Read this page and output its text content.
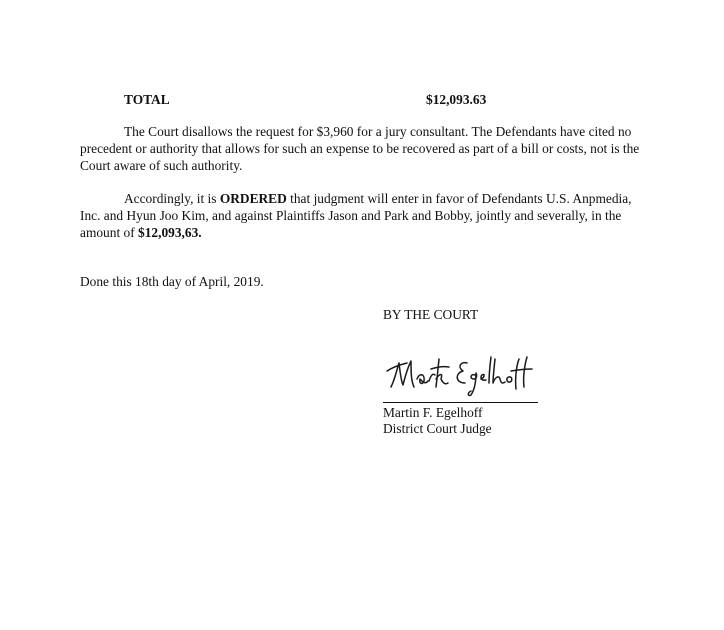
TOTAL	$12,093.63
The Court disallows the request for $3,960 for a jury consultant. The Defendants have cited no precedent or authority that allows for such an expense to be recovered as part of a bill or costs, not is the Court aware of such authority.
Accordingly, it is ORDERED that judgment will enter in favor of Defendants U.S. Anpmedia, Inc. and Hyun Joo Kim, and against Plaintiffs Jason and Park and Bobby, jointly and severally, in the amount of $12,093,63.
Done this 18th day of April, 2019.
BY THE COURT
Martin F. Egelhoff
District Court Judge
